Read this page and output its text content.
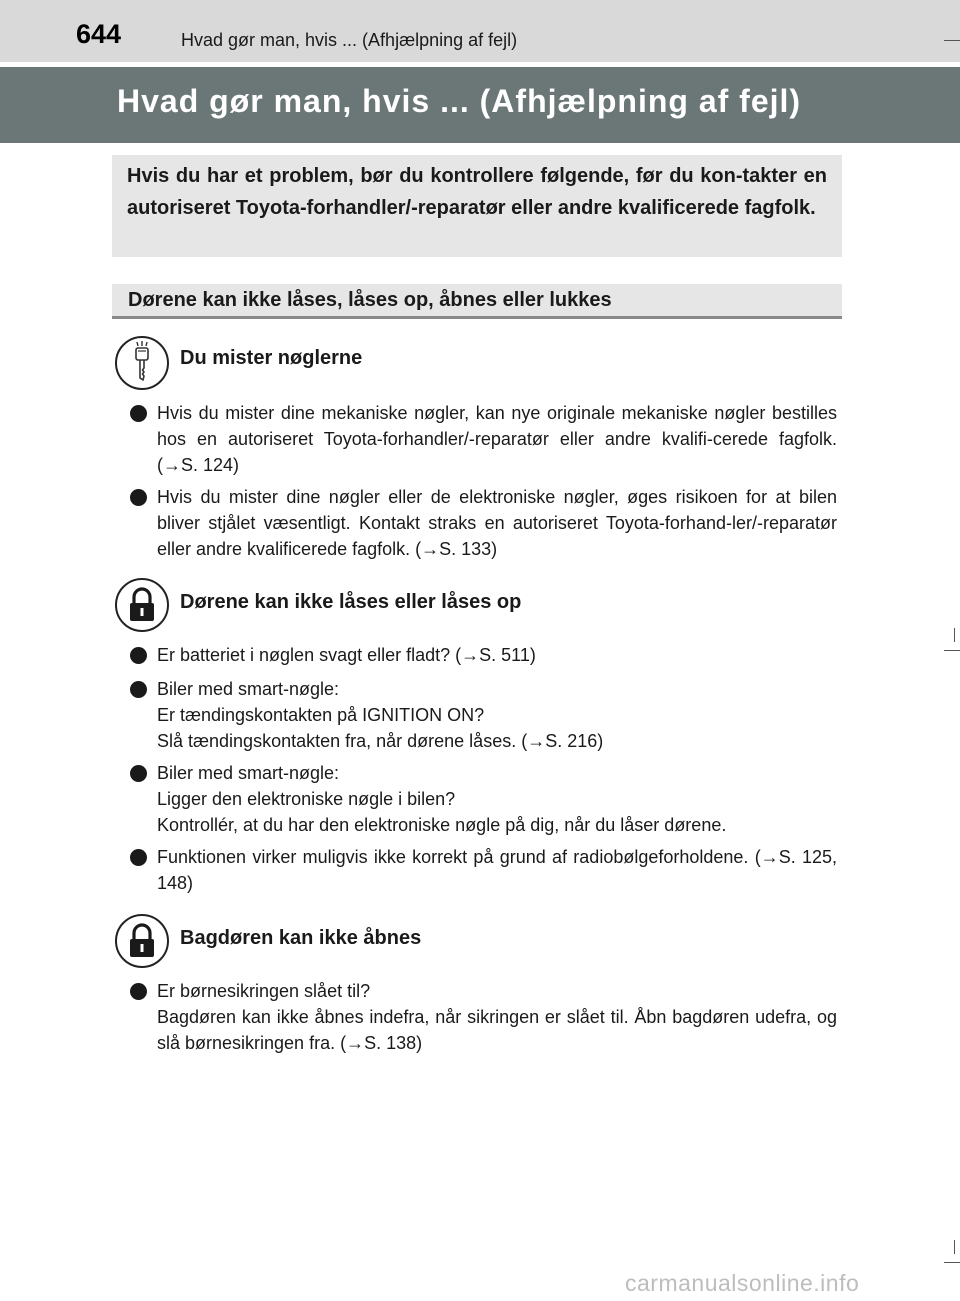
644	Hvad gør man, hvis ... (Afhjælpning af fejl)
Hvad gør man, hvis ... (Afhjælpning af fejl)
Hvis du har et problem, bør du kontrollere følgende, før du kon-takter en autoriseret Toyota-forhandler/-reparatør eller andre kvalificerede fagfolk.
Dørene kan ikke låses, låses op, åbnes eller lukkes
Du mister nøglerne
Hvis du mister dine mekaniske nøgler, kan nye originale mekaniske nøgler bestilles hos en autoriseret Toyota-forhandler/-reparatør eller andre kvalifi-cerede fagfolk. (→S. 124)
Hvis du mister dine nøgler eller de elektroniske nøgler, øges risikoen for at bilen bliver stjålet væsentligt. Kontakt straks en autoriseret Toyota-forhand-ler/-reparatør eller andre kvalificerede fagfolk. (→S. 133)
Dørene kan ikke låses eller låses op
Er batteriet i nøglen svagt eller fladt? (→S. 511)
Biler med smart-nøgle:
Er tændingskontakten på IGNITION ON?
Slå tændingskontakten fra, når dørene låses. (→S. 216)
Biler med smart-nøgle:
Ligger den elektroniske nøgle i bilen?
Kontrollér, at du har den elektroniske nøgle på dig, når du låser dørene.
Funktionen virker muligvis ikke korrekt på grund af radiobølgeforholdene. (→S. 125, 148)
Bagdøren kan ikke åbnes
Er børnesikringen slået til?
Bagdøren kan ikke åbnes indefra, når sikringen er slået til. Åbn bagdøren udefra, og slå børnesikringen fra. (→S. 138)
carmanualsonline.info
